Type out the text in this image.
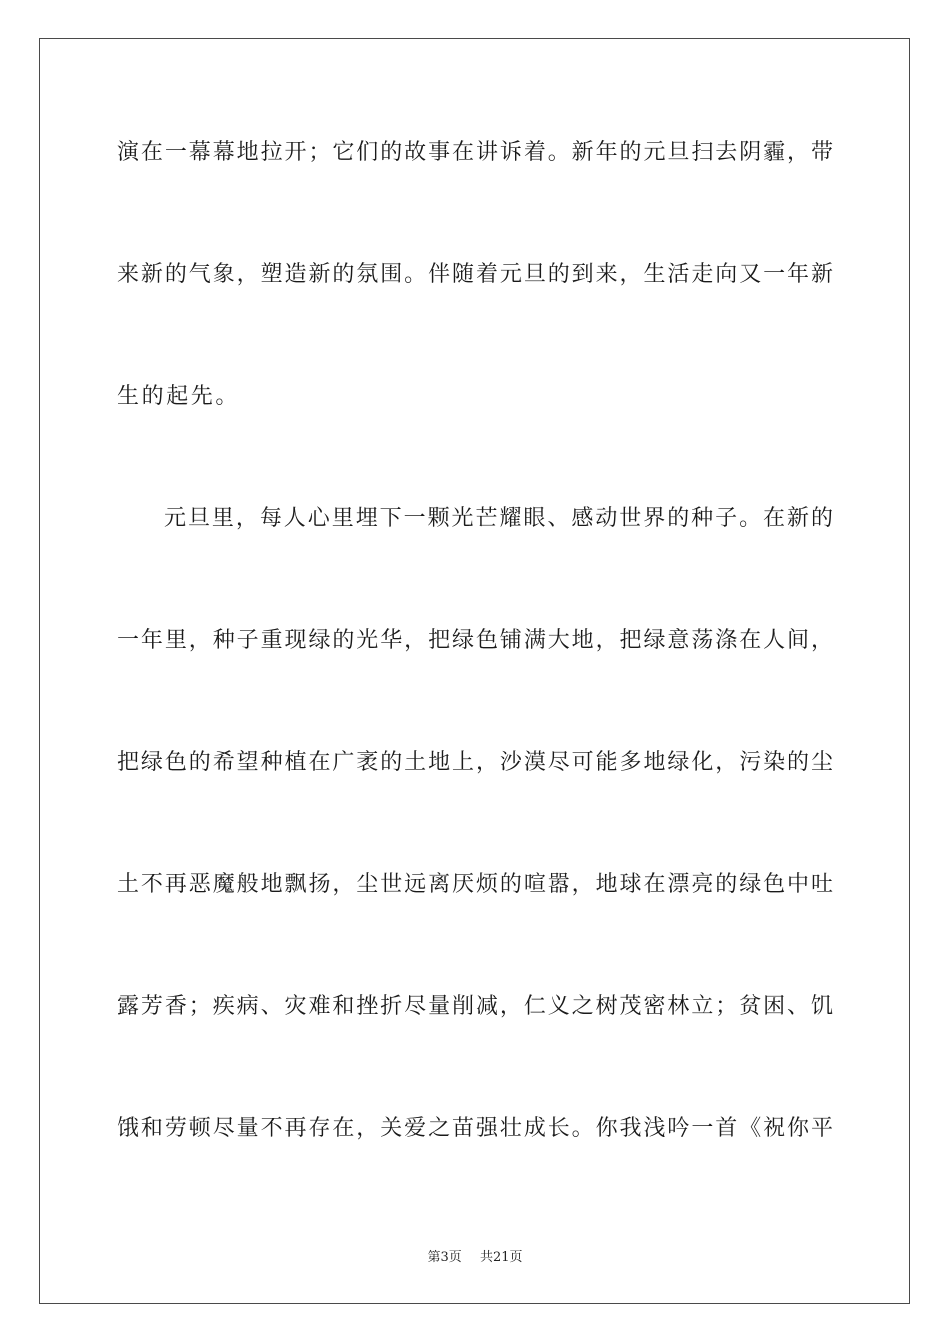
演在一幕幕地拉开；它们的故事在讲诉着。新年的元旦扫去阴霾，带
来新的气象，塑造新的氛围。伴随着元旦的到来，生活走向又一年新
生的起先。
元旦里，每人心里埋下一颗光芒耀眼、感动世界的种子。在新的
一年里，种子重现绿的光华，把绿色铺满大地，把绿意荡涤在人间，
把绿色的希望种植在广袤的土地上，沙漠尽可能多地绿化，污染的尘
土不再恶魔般地飘扬，尘世远离厌烦的喧嚣，地球在漂亮的绿色中吐
露芳香；疾病、灾难和挫折尽量削减，仁义之树茂密林立；贫困、饥
饿和劳顿尽量不再存在，关爱之苗强壮成长。你我浅吟一首《祝你平
第3页 共21页
